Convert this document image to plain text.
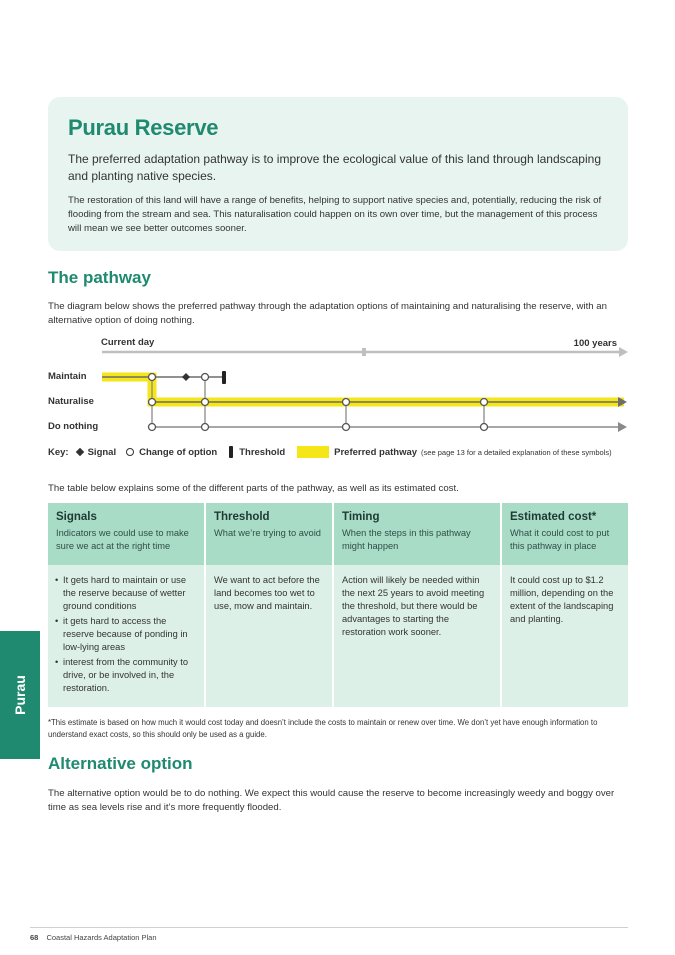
Purau Reserve

The preferred adaptation pathway is to improve the ecological value of this land through landscaping and planting native species.

The restoration of this land will have a range of benefits, helping to support native species and, potentially, reducing the risk of flooding from the stream and sea. This naturalisation could happen on its own over time, but the management of this process will mean we see better outcomes sooner.

The pathway

The diagram below shows the preferred pathway through the adaptation options of maintaining and naturalising the reserve, with an alternative option of doing nothing.

Current day	100 years
Maintain
Naturalise
Do nothing
Key: Signal Change of option Threshold	Preferred pathway (see page 13 for a detailed explanation of these symbols)

The table below explains some of the different parts of the pathway, as well as its estimated cost.

Signals
Indicators we could use to make sure we act at the right time
Threshold
What we’re trying to avoid
Timing
When the steps in this pathway might happen
Estimated cost*
What it could cost to put this pathway in place
• It gets hard to maintain or use the reserve because of wetter ground conditions
• it gets hard to access the reserve because of ponding in low-lying areas
• interest from the community to drive, or be involved in, the restoration.
We want to act before the land becomes too wet to use, mow and maintain.
Action will likely be needed within the next 25 years to avoid meeting the threshold, but there would be advantages to starting the restoration work sooner.
It could cost up to $1.2 million, depending on the extent of the landscaping and planting.

*This estimate is based on how much it would cost today and doesn’t include the costs to maintain or renew over time. We don’t yet have enough information to understand exact costs, so this should only be used as a guide.

Alternative option

The alternative option would be to do nothing. We expect this would cause the reserve to become increasingly weedy and boggy over time as sea levels rise and it’s more frequently flooded.

Purau
68 Coastal Hazards Adaptation Plan
